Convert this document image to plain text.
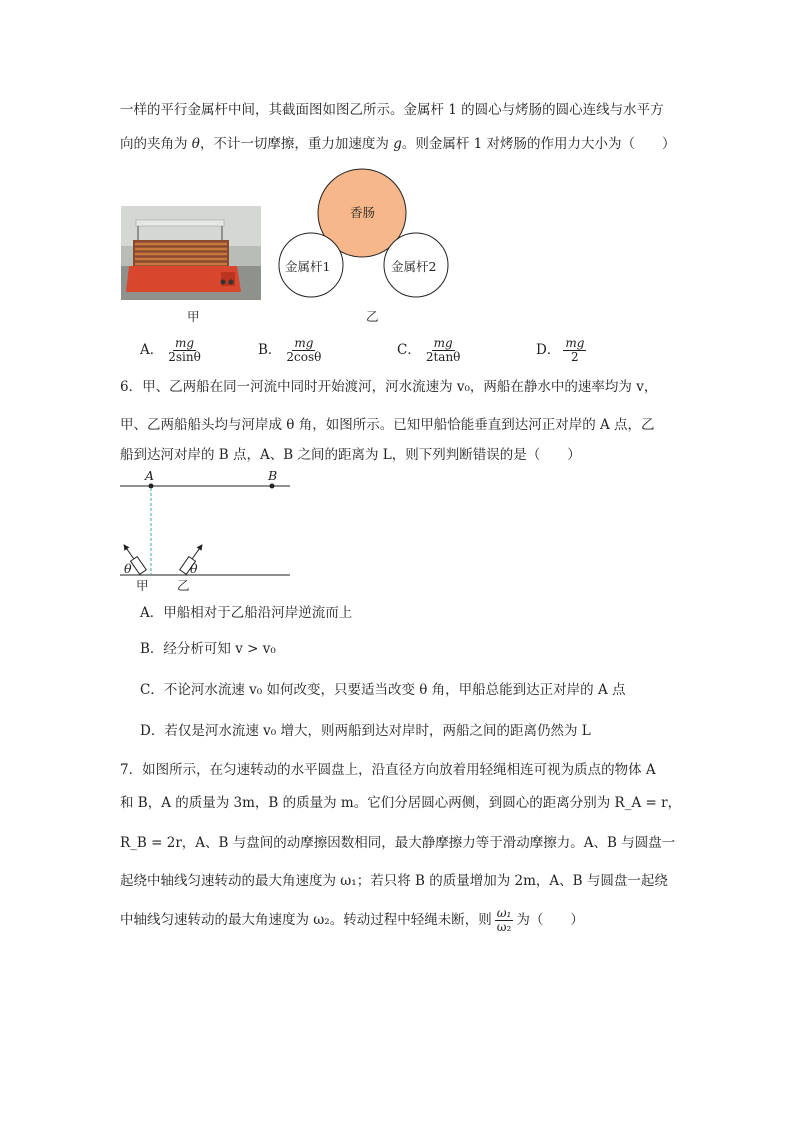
一样的平行金属杆中间，其截面图如图乙所示。金属杆 1 的圆心与烤肠的圆心连线与水平方
向的夹角为 θ，不计一切摩擦，重力加速度为 g。则金属杆 1 对烤肠的作用力大小为（　　）
甲
香肠
金属杆1	金属杆2
乙
A． $\frac{mg}{2\sin\theta}$	B． $\frac{mg}{2\cos\theta}$	C． $\frac{mg}{2\tan\theta}$	D． $\frac{mg}{2}$
6．甲、乙两船在同一河流中同时开始渡河，河水流速为 v₀，两船在静水中的速率均为 v，
甲、乙两船船头均与河岸成 θ 角，如图所示。已知甲船恰能垂直到达河正对岸的 A 点，乙
船到达河对岸的 B 点，A、B 之间的距离为 L，则下列判断错误的是（　　）
A	B
θ	θ
甲 乙
A．甲船相对于乙船沿河岸逆流而上
B．经分析可知 v > v₀
C．不论河水流速 v₀ 如何改变，只要适当改变 θ 角，甲船总能到达正对岸的 A 点
D．若仅是河水流速 v₀ 增大，则两船到达对岸时，两船之间的距离仍然为 L
7．如图所示，在匀速转动的水平圆盘上，沿直径方向放着用轻绳相连可视为质点的物体 A
和 B，A 的质量为 3m，B 的质量为 m。它们分居圆心两侧，到圆心的距离分别为 R_A = r，
R_B = 2r，A、B 与盘间的动摩擦因数相同，最大静摩擦力等于滑动摩擦力。A、B 与圆盘一
起绕中轴线匀速转动的最大角速度为 ω₁；若只将 B 的质量增加为 2m，A、B 与圆盘一起绕
中轴线匀速转动的最大角速度为 ω₂。转动过程中轻绳未断，则 $\frac{\text{ω₁}}{\text{ω₂}}$ 为（　　）
